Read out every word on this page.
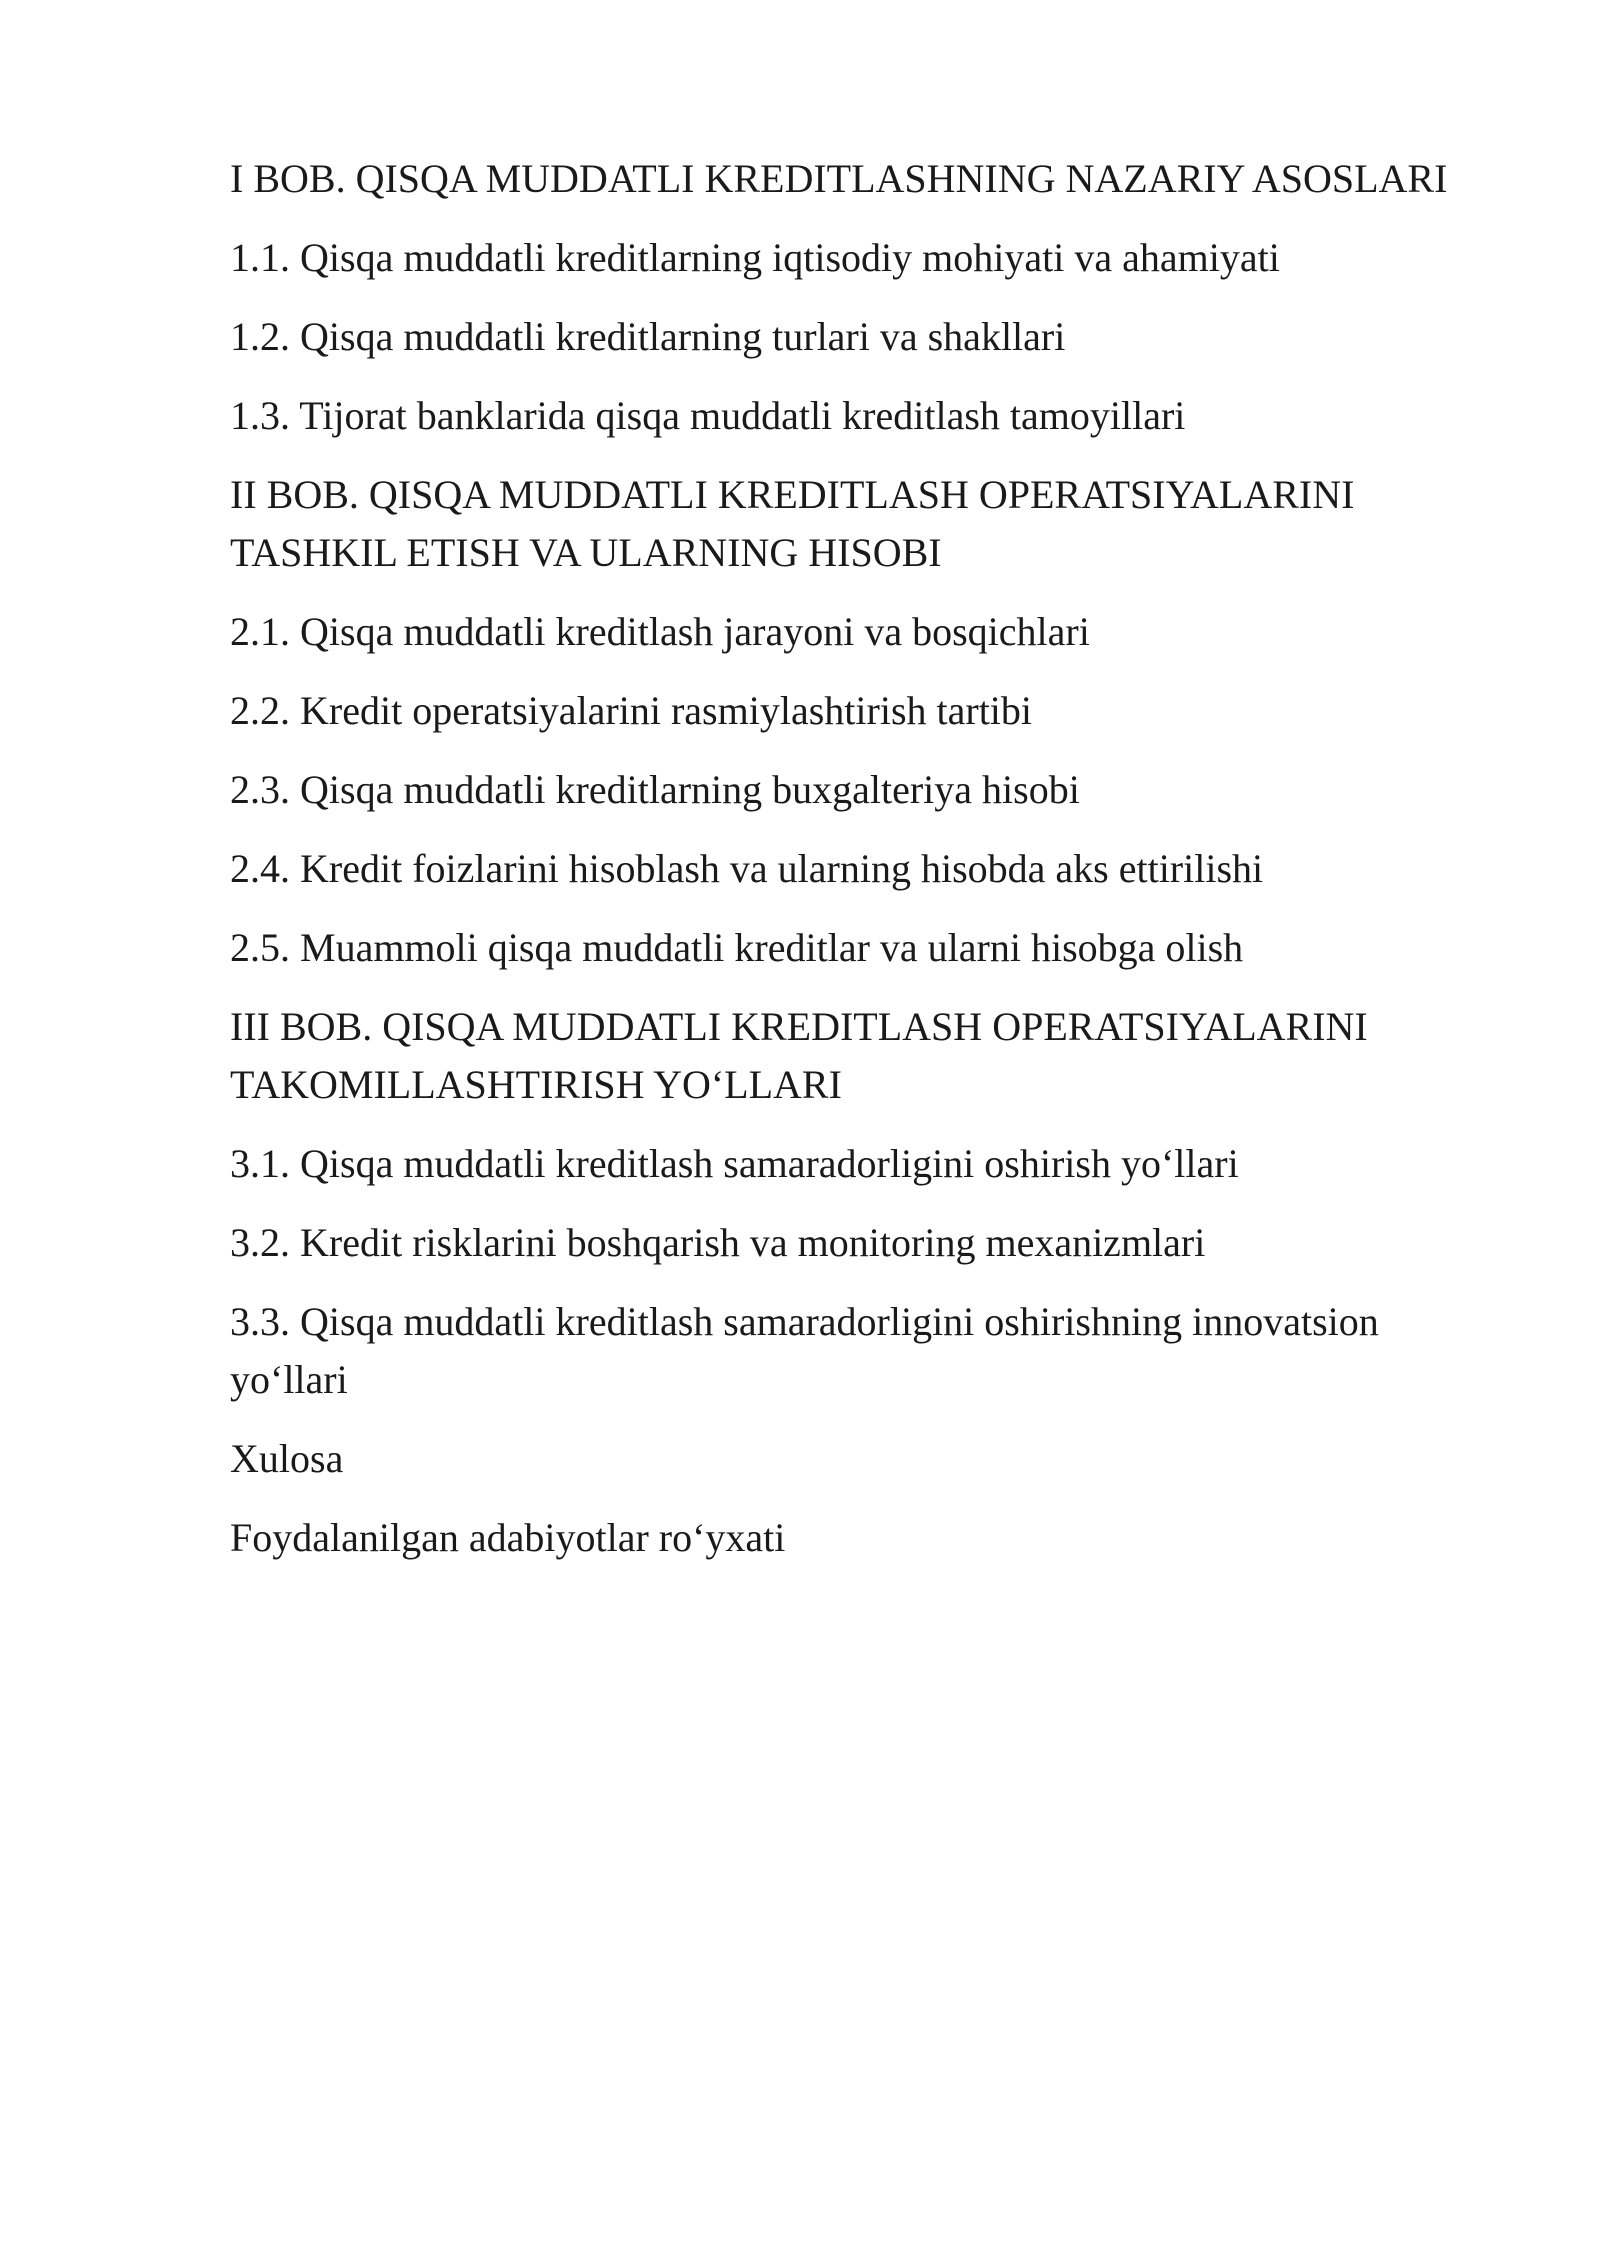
I BOB. QISQA MUDDATLI KREDITLASHNING NAZARIY ASOSLARI

1.1. Qisqa muddatli kreditlarning iqtisodiy mohiyati va ahamiyati

1.2. Qisqa muddatli kreditlarning turlari va shakllari

1.3. Tijorat banklarida qisqa muddatli kreditlash tamoyillari

II BOB. QISQA MUDDATLI KREDITLASH OPERATSIYALARINI TASHKIL ETISH VA ULARNING HISOBI

2.1. Qisqa muddatli kreditlash jarayoni va bosqichlari

2.2. Kredit operatsiyalarini rasmiylashtirish tartibi

2.3. Qisqa muddatli kreditlarning buxgalteriya hisobi

2.4. Kredit foizlarini hisoblash va ularning hisobda aks ettirilishi

2.5. Muammoli qisqa muddatli kreditlar va ularni hisobga olish

III BOB. QISQA MUDDATLI KREDITLASH OPERATSIYALARINI TAKOMILLASHTIRISH YO‘LLARI

3.1. Qisqa muddatli kreditlash samaradorligini oshirish yo‘llari

3.2. Kredit risklarini boshqarish va monitoring mexanizmlari

3.3. Qisqa muddatli kreditlash samaradorligini oshirishning innovatsion yo‘llari

Xulosa

Foydalanilgan adabiyotlar ro‘yxati
